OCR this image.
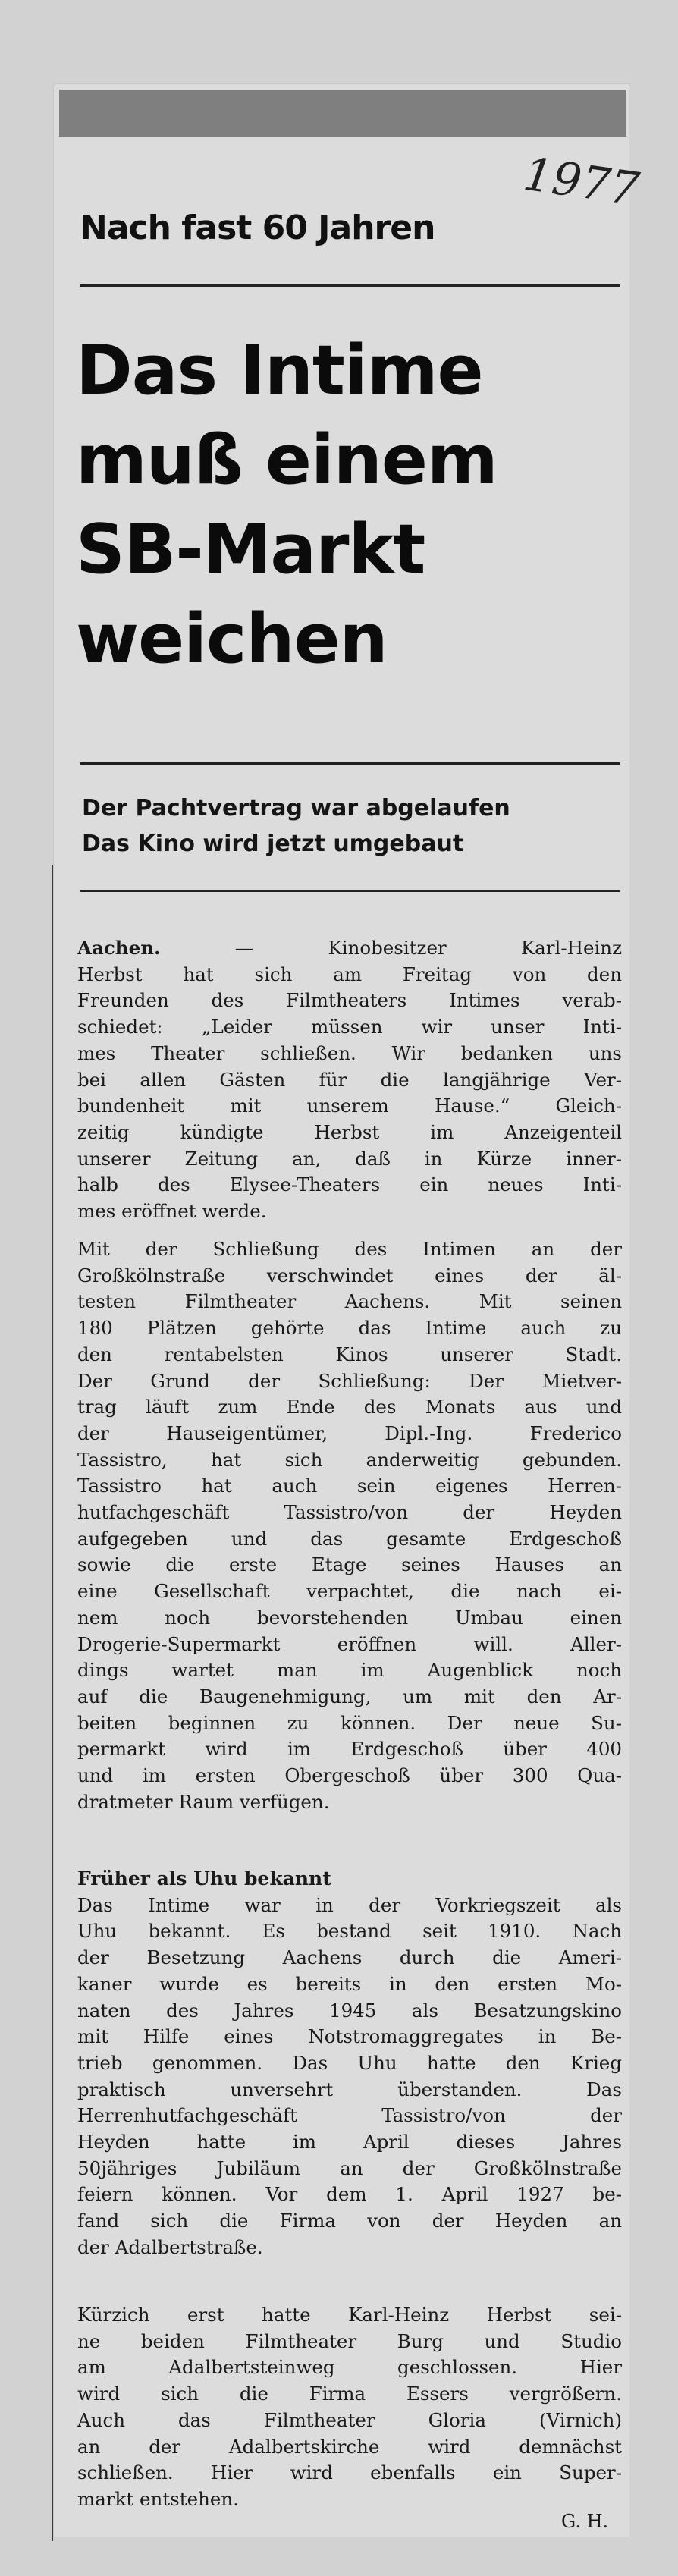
1977
Nach fast 60 Jahren
Das Intime
muß einem
SB-Markt
weichen
Der Pachtvertrag war abgelaufen
Das Kino wird jetzt umgebaut
Aachen. — Kinobesitzer Karl-Heinz
Herbst hat sich am Freitag von den
Freunden des Filmtheaters Intimes verab-
schiedet: „Leider müssen wir unser Inti-
mes Theater schließen. Wir bedanken uns
bei allen Gästen für die langjährige Ver-
bundenheit mit unserem Hause.“ Gleich-
zeitig kündigte Herbst im Anzeigenteil
unserer Zeitung an, daß in Kürze inner-
halb des Elysee-Theaters ein neues Inti-
mes eröffnet werde.
Mit der Schließung des Intimen an der
Großkölnstraße verschwindet eines der äl-
testen Filmtheater Aachens. Mit seinen
180 Plätzen gehörte das Intime auch zu
den rentabelsten Kinos unserer Stadt.
Der Grund der Schließung: Der Mietver-
trag läuft zum Ende des Monats aus und
der Hauseigentümer, Dipl.-Ing. Frederico
Tassistro, hat sich anderweitig gebunden.
Tassistro hat auch sein eigenes Herren-
hutfachgeschäft Tassistro/von der Heyden
aufgegeben und das gesamte Erdgeschoß
sowie die erste Etage seines Hauses an
eine Gesellschaft verpachtet, die nach ei-
nem noch bevorstehenden Umbau einen
Drogerie-Supermarkt eröffnen will. Aller-
dings wartet man im Augenblick noch
auf die Baugenehmigung, um mit den Ar-
beiten beginnen zu können. Der neue Su-
permarkt wird im Erdgeschoß über 400
und im ersten Obergeschoß über 300 Qua-
dratmeter Raum verfügen.
Früher als Uhu bekannt
Das Intime war in der Vorkriegszeit als
Uhu bekannt. Es bestand seit 1910. Nach
der Besetzung Aachens durch die Ameri-
kaner wurde es bereits in den ersten Mo-
naten des Jahres 1945 als Besatzungskino
mit Hilfe eines Notstromaggregates in Be-
trieb genommen. Das Uhu hatte den Krieg
praktisch unversehrt überstanden. Das
Herrenhutfachgeschäft Tassistro/von der
Heyden hatte im April dieses Jahres
50jähriges Jubiläum an der Großkölnstraße
feiern können. Vor dem 1. April 1927 be-
fand sich die Firma von der Heyden an
der Adalbertstraße.
Kürzich erst hatte Karl-Heinz Herbst sei-
ne beiden Filmtheater Burg und Studio
am Adalbertsteinweg geschlossen. Hier
wird sich die Firma Essers vergrößern.
Auch das Filmtheater Gloria (Virnich)
an der Adalbertskirche wird demnächst
schließen. Hier wird ebenfalls ein Super-
markt entstehen.
G. H.
